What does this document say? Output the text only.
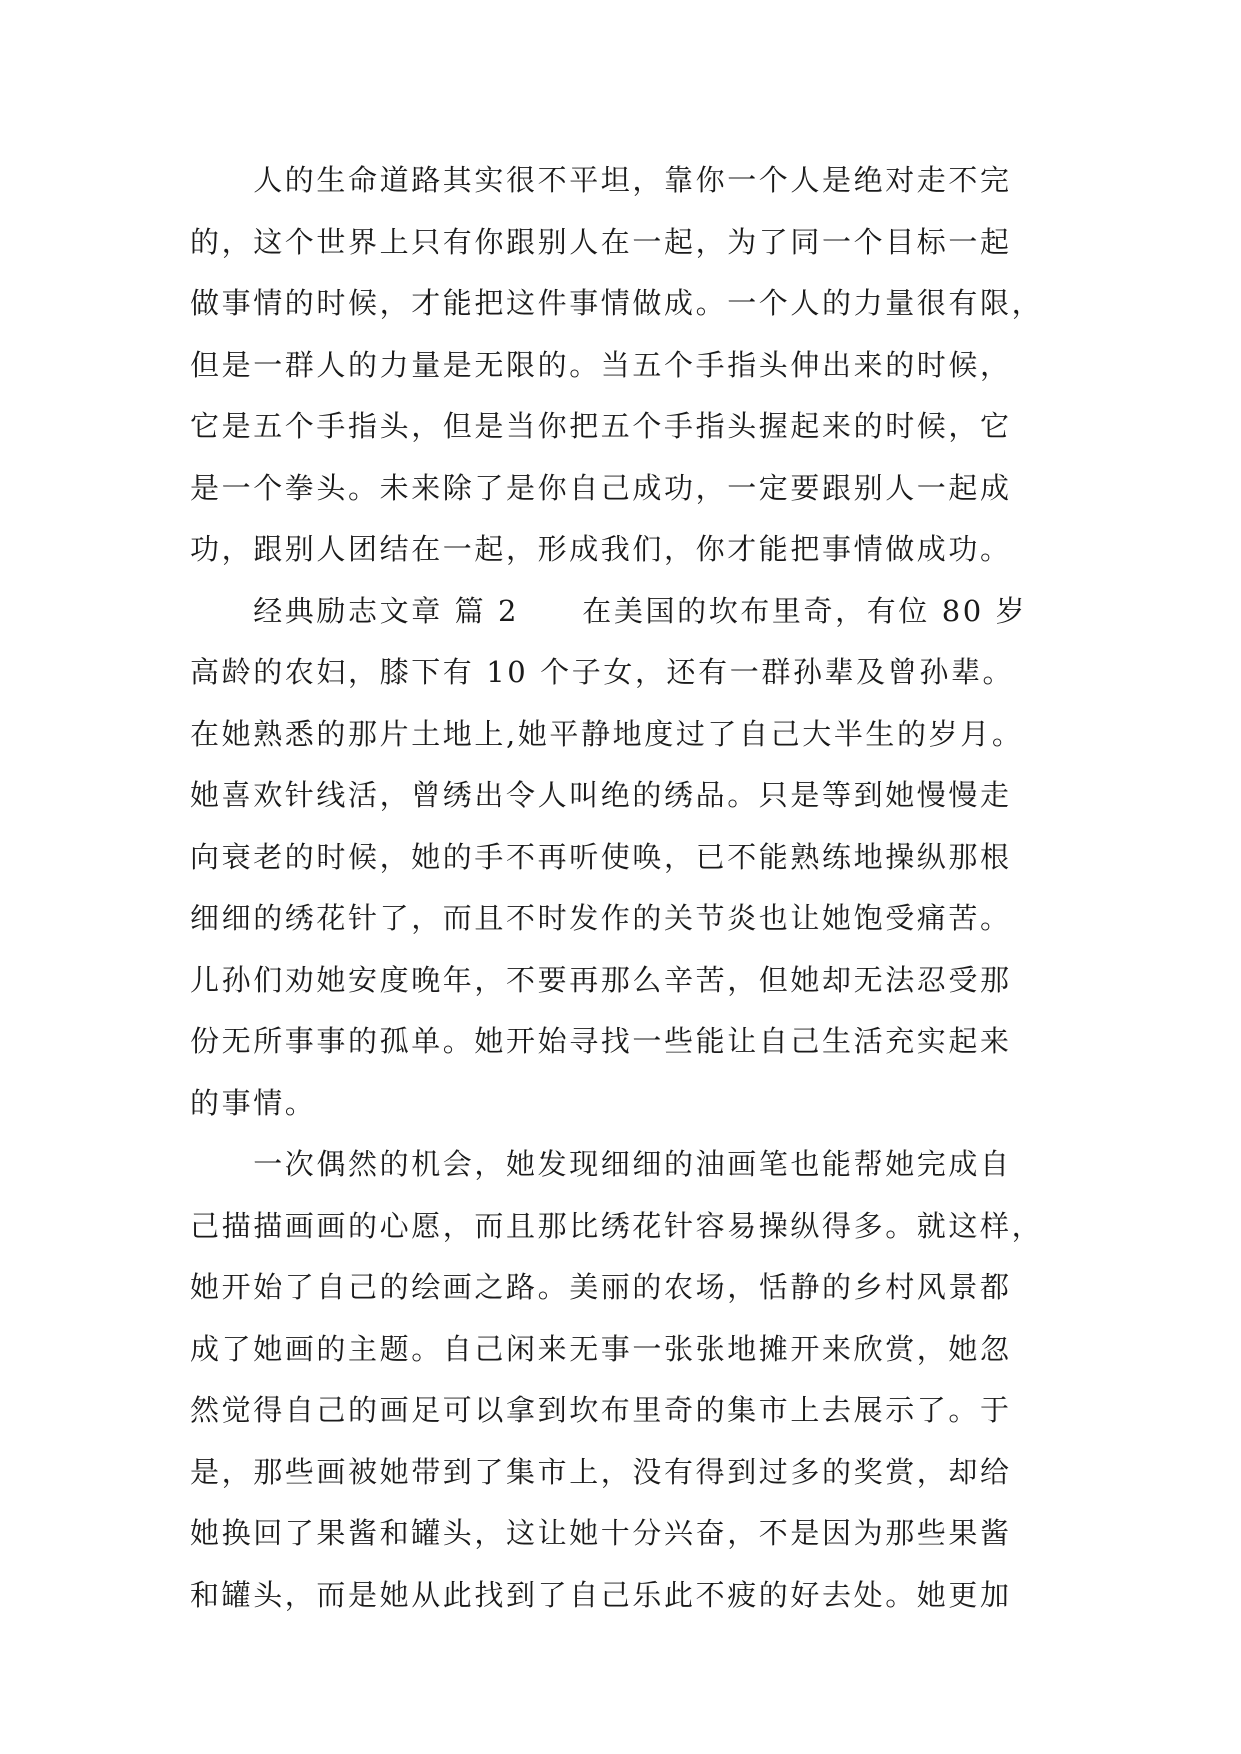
　　人的生命道路其实很不平坦，靠你一个人是绝对走不完
的，这个世界上只有你跟别人在一起，为了同一个目标一起
做事情的时候，才能把这件事情做成。一个人的力量很有限，
但是一群人的力量是无限的。当五个手指头伸出来的时候，
它是五个手指头，但是当你把五个手指头握起来的时候，它
是一个拳头。未来除了是你自己成功，一定要跟别人一起成
功，跟别人团结在一起，形成我们，你才能把事情做成功。
　　经典励志文章 篇 2　　在美国的坎布里奇，有位 80 岁
高龄的农妇，膝下有 10 个子女，还有一群孙辈及曾孙辈。
在她熟悉的那片土地上,她平静地度过了自己大半生的岁月。
她喜欢针线活，曾绣出令人叫绝的绣品。只是等到她慢慢走
向衰老的时候，她的手不再听使唤，已不能熟练地操纵那根
细细的绣花针了，而且不时发作的关节炎也让她饱受痛苦。
儿孙们劝她安度晚年，不要再那么辛苦，但她却无法忍受那
份无所事事的孤单。她开始寻找一些能让自己生活充实起来
的事情。
　　一次偶然的机会，她发现细细的油画笔也能帮她完成自
己描描画画的心愿，而且那比绣花针容易操纵得多。就这样，
她开始了自己的绘画之路。美丽的农场，恬静的乡村风景都
成了她画的主题。自己闲来无事一张张地摊开来欣赏，她忽
然觉得自己的画足可以拿到坎布里奇的集市上去展示了。于
是，那些画被她带到了集市上，没有得到过多的奖赏，却给
她换回了果酱和罐头，这让她十分兴奋，不是因为那些果酱
和罐头，而是她从此找到了自己乐此不疲的好去处。她更加
